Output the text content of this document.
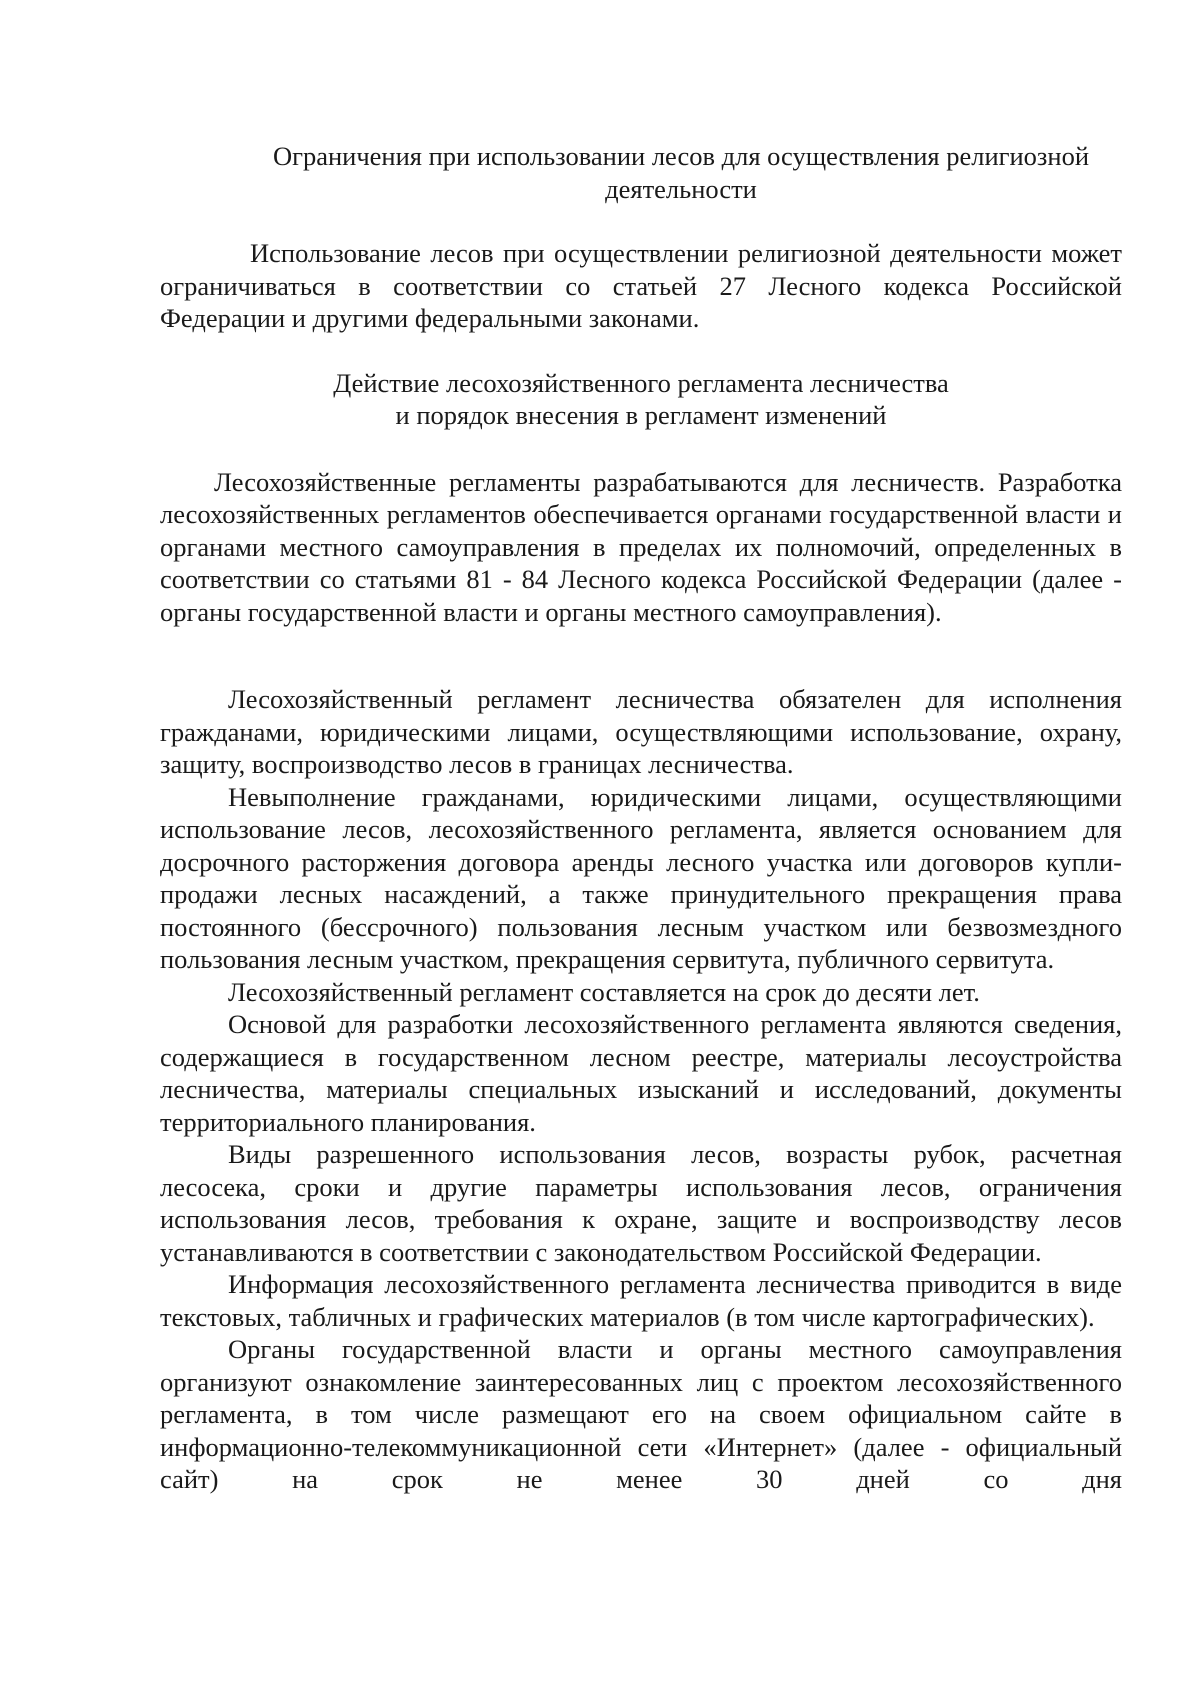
Ограничения при использовании лесов для осуществления религиозной
деятельности

Использование лесов при осуществлении религиозной деятельности может ограничиваться в соответствии со статьей 27 Лесного кодекса Российской Федерации и другими федеральными законами.

Действие лесохозяйственного регламента лесничества
и порядок внесения в регламент изменений

Лесохозяйственные регламенты разрабатываются для лесничеств. Разработка лесохозяйственных регламентов обеспечивается органами государственной власти и органами местного самоуправления в пределах их полномочий, определенных в соответствии со статьями 81 - 84 Лесного кодекса Российской Федерации (далее - органы государственной власти и органы местного самоуправления).

Лесохозяйственный регламент лесничества обязателен для исполнения гражданами, юридическими лицами, осуществляющими использование, охрану, защиту, воспроизводство лесов в границах лесничества.

Невыполнение гражданами, юридическими лицами, осуществляющими использование лесов, лесохозяйственного регламента, является основанием для досрочного расторжения договора аренды лесного участка или договоров купли-продажи лесных насаждений, а также принудительного прекращения права постоянного (бессрочного) пользования лесным участком или безвозмездного пользования лесным участком, прекращения сервитута, публичного сервитута.

Лесохозяйственный регламент составляется на срок до десяти лет.

Основой для разработки лесохозяйственного регламента являются сведения, содержащиеся в государственном лесном реестре, материалы лесоустройства лесничества, материалы специальных изысканий и исследований, документы территориального планирования.

Виды разрешенного использования лесов, возрасты рубок, расчетная лесосека, сроки и другие параметры использования лесов, ограничения использования лесов, требования к охране, защите и воспроизводству лесов устанавливаются в соответствии с законодательством Российской Федерации.

Информация лесохозяйственного регламента лесничества приводится в виде текстовых, табличных и графических материалов (в том числе картографических).

Органы государственной власти и органы местного самоуправления организуют ознакомление заинтересованных лиц с проектом лесохозяйственного регламента, в том числе размещают его на своем официальном сайте в информационно-телекоммуникационной сети «Интернет» (далее - официальный сайт) на срок не менее 30 дней со дня
